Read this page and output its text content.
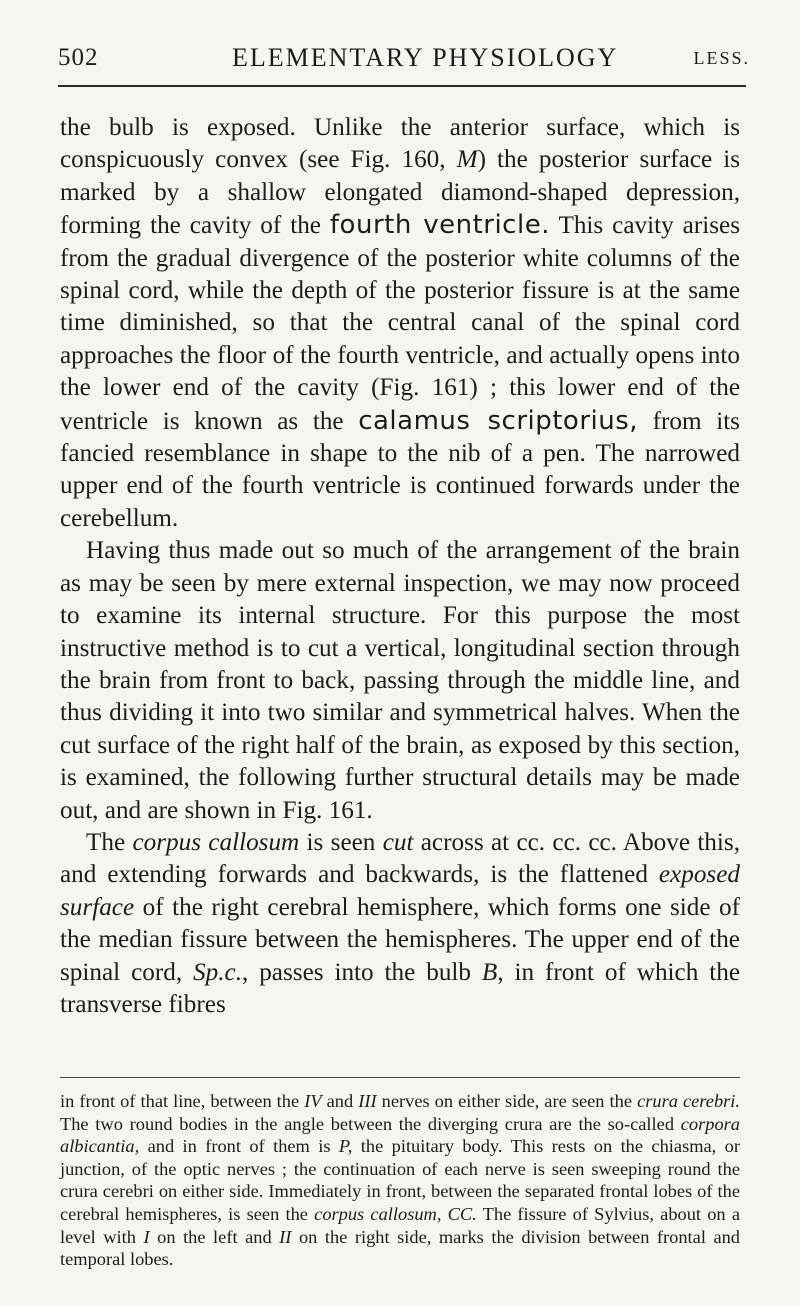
502	ELEMENTARY PHYSIOLOGY	LESS.

the bulb is exposed. Unlike the anterior surface, which is conspicuously convex (see Fig. 160, M) the posterior surface is marked by a shallow elongated diamond-shaped depression, forming the cavity of the fourth ventricle. This cavity arises from the gradual divergence of the posterior white columns of the spinal cord, while the depth of the posterior fissure is at the same time diminished, so that the central canal of the spinal cord approaches the floor of the fourth ventricle, and actually opens into the lower end of the cavity (Fig. 161) ; this lower end of the ventricle is known as the calamus scriptorius, from its fancied resemblance in shape to the nib of a pen. The narrowed upper end of the fourth ventricle is continued forwards under the cerebellum.

Having thus made out so much of the arrangement of the brain as may be seen by mere external inspection, we may now proceed to examine its internal structure. For this purpose the most instructive method is to cut a vertical, longitudinal section through the brain from front to back, passing through the middle line, and thus dividing it into two similar and symmetrical halves. When the cut surface of the right half of the brain, as exposed by this section, is examined, the following further structural details may be made out, and are shown in Fig. 161.

The corpus callosum is seen cut across at cc. cc. cc. Above this, and extending forwards and backwards, is the flattened exposed surface of the right cerebral hemisphere, which forms one side of the median fissure between the hemispheres. The upper end of the spinal cord, Sp.c., passes into the bulb B, in front of which the transverse fibres

in front of that line, between the IV and III nerves on either side, are seen the crura cerebri. The two round bodies in the angle between the diverging crura are the so-called corpora albicantia, and in front of them is P, the pituitary body. This rests on the chiasma, or junction, of the optic nerves ; the continuation of each nerve is seen sweeping round the crura cerebri on either side. Immediately in front, between the separated frontal lobes of the cerebral hemispheres, is seen the corpus callosum, CC. The fissure of Sylvius, about on a level with I on the left and II on the right side, marks the division between frontal and temporal lobes.
